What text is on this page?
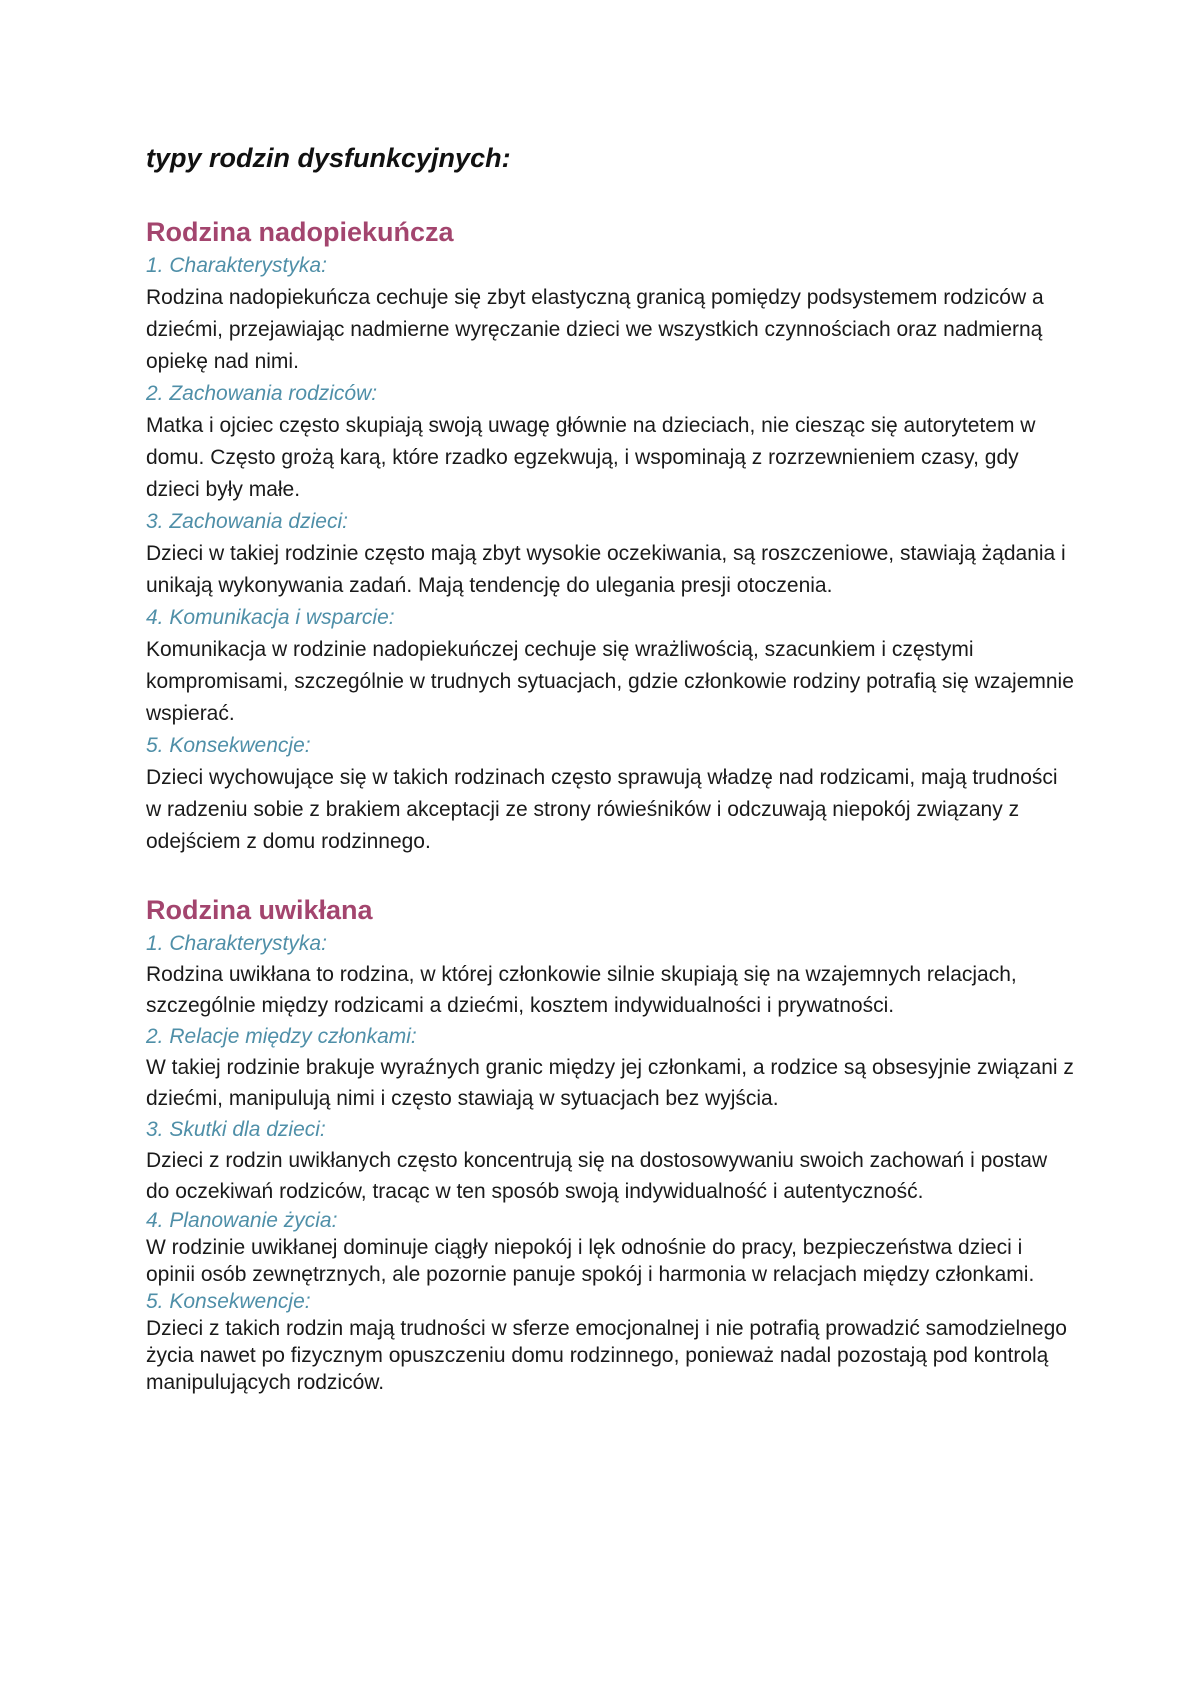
typy rodzin dysfunkcyjnych:
Rodzina nadopiekuńcza

1. Charakterystyka:

Rodzina nadopiekuńcza cechuje się zbyt elastyczną granicą pomiędzy podsystemem rodziców a dziećmi, przejawiając nadmierne wyręczanie dzieci we wszystkich czynnościach oraz nadmierną opiekę nad nimi.

2. Zachowania rodziców:

Matka i ojciec często skupiają swoją uwagę głównie na dzieciach, nie ciesząc się autorytetem w domu. Często grożą karą, które rzadko egzekwują, i wspominają z rozrzewnieniem czasy, gdy dzieci były małe.

3. Zachowania dzieci:

Dzieci w takiej rodzinie często mają zbyt wysokie oczekiwania, są roszczeniowe, stawiają żądania i unikają wykonywania zadań. Mają tendencję do ulegania presji otoczenia.

4. Komunikacja i wsparcie:

Komunikacja w rodzinie nadopiekuńczej cechuje się wrażliwością, szacunkiem i częstymi kompromisami, szczególnie w trudnych sytuacjach, gdzie członkowie rodziny potrafią się wzajemnie wspierać.

5. Konsekwencje:

Dzieci wychowujące się w takich rodzinach często sprawują władzę nad rodzicami, mają trudności w radzeniu sobie z brakiem akceptacji ze strony rówieśników i odczuwają niepokój związany z odejściem z domu rodzinnego.

Rodzina uwikłana

1. Charakterystyka:

Rodzina uwikłana to rodzina, w której członkowie silnie skupiają się na wzajemnych relacjach, szczególnie między rodzicami a dziećmi, kosztem indywidualności i prywatności.

2. Relacje między członkami:

W takiej rodzinie brakuje wyraźnych granic między jej członkami, a rodzice są obsesyjnie związani z dziećmi, manipulują nimi i często stawiają w sytuacjach bez wyjścia.

3. Skutki dla dzieci:

Dzieci z rodzin uwikłanych często koncentrują się na dostosowywaniu swoich zachowań i postaw do oczekiwań rodziców, tracąc w ten sposób swoją indywidualność i autentyczność.

4. Planowanie życia:

W rodzinie uwikłanej dominuje ciągły niepokój i lęk odnośnie do pracy, bezpieczeństwa dzieci i opinii osób zewnętrznych, ale pozornie panuje spokój i harmonia w relacjach między członkami.

5. Konsekwencje:

Dzieci z takich rodzin mają trudności w sferze emocjonalnej i nie potrafią prowadzić samodzielnego życia nawet po fizycznym opuszczeniu domu rodzinnego, ponieważ nadal pozostają pod kontrolą manipulujących rodziców.
